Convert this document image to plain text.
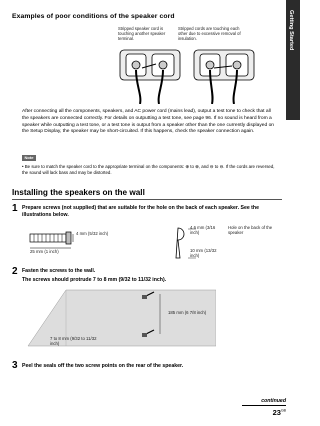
Getting Started
Examples of poor conditions of the speaker cord
Stripped speaker cord is touching another speaker terminal.
Stripped cords are touching each other due to excessive removal of insulation.
After connecting all the components, speakers, and AC power cord (mains lead), output a test tone to check that all the speakers are connected correctly. For details on outputting a test tone, see page 96. If no sound is heard from a speaker while outputting a test tone, or a test tone is output from a speaker other than the one currently displayed on the Setup Display, the speaker may be short-circuited. If this happens, check the speaker connection again.
Note
• Be sure to match the speaker cord to the appropriate terminal on the components: ⊕ to ⊕, and ⊖ to ⊖. If the cords are reversed, the sound will lack bass and may be distorted.
Installing the speakers on the wall
1 Prepare screws (not supplied) that are suitable for the hole on the back of each speaker. See the illustrations below.
4 mm (5/32 inch)
25 mm (1 inch)
4.6 mm (3/16 inch)
10 mm (13/32 inch)
Hole on the back of the speaker
2 Fasten the screws to the wall.
The screws should protrude 7 to 8 mm (9/32 to 11/32 inch).
185 mm (6 7/8 inch)
7 to 8 mm (9/32 to 11/32 inch)
3 Peel the seals off the two screw points on the rear of the speaker.
continued
$23^{GB}$
